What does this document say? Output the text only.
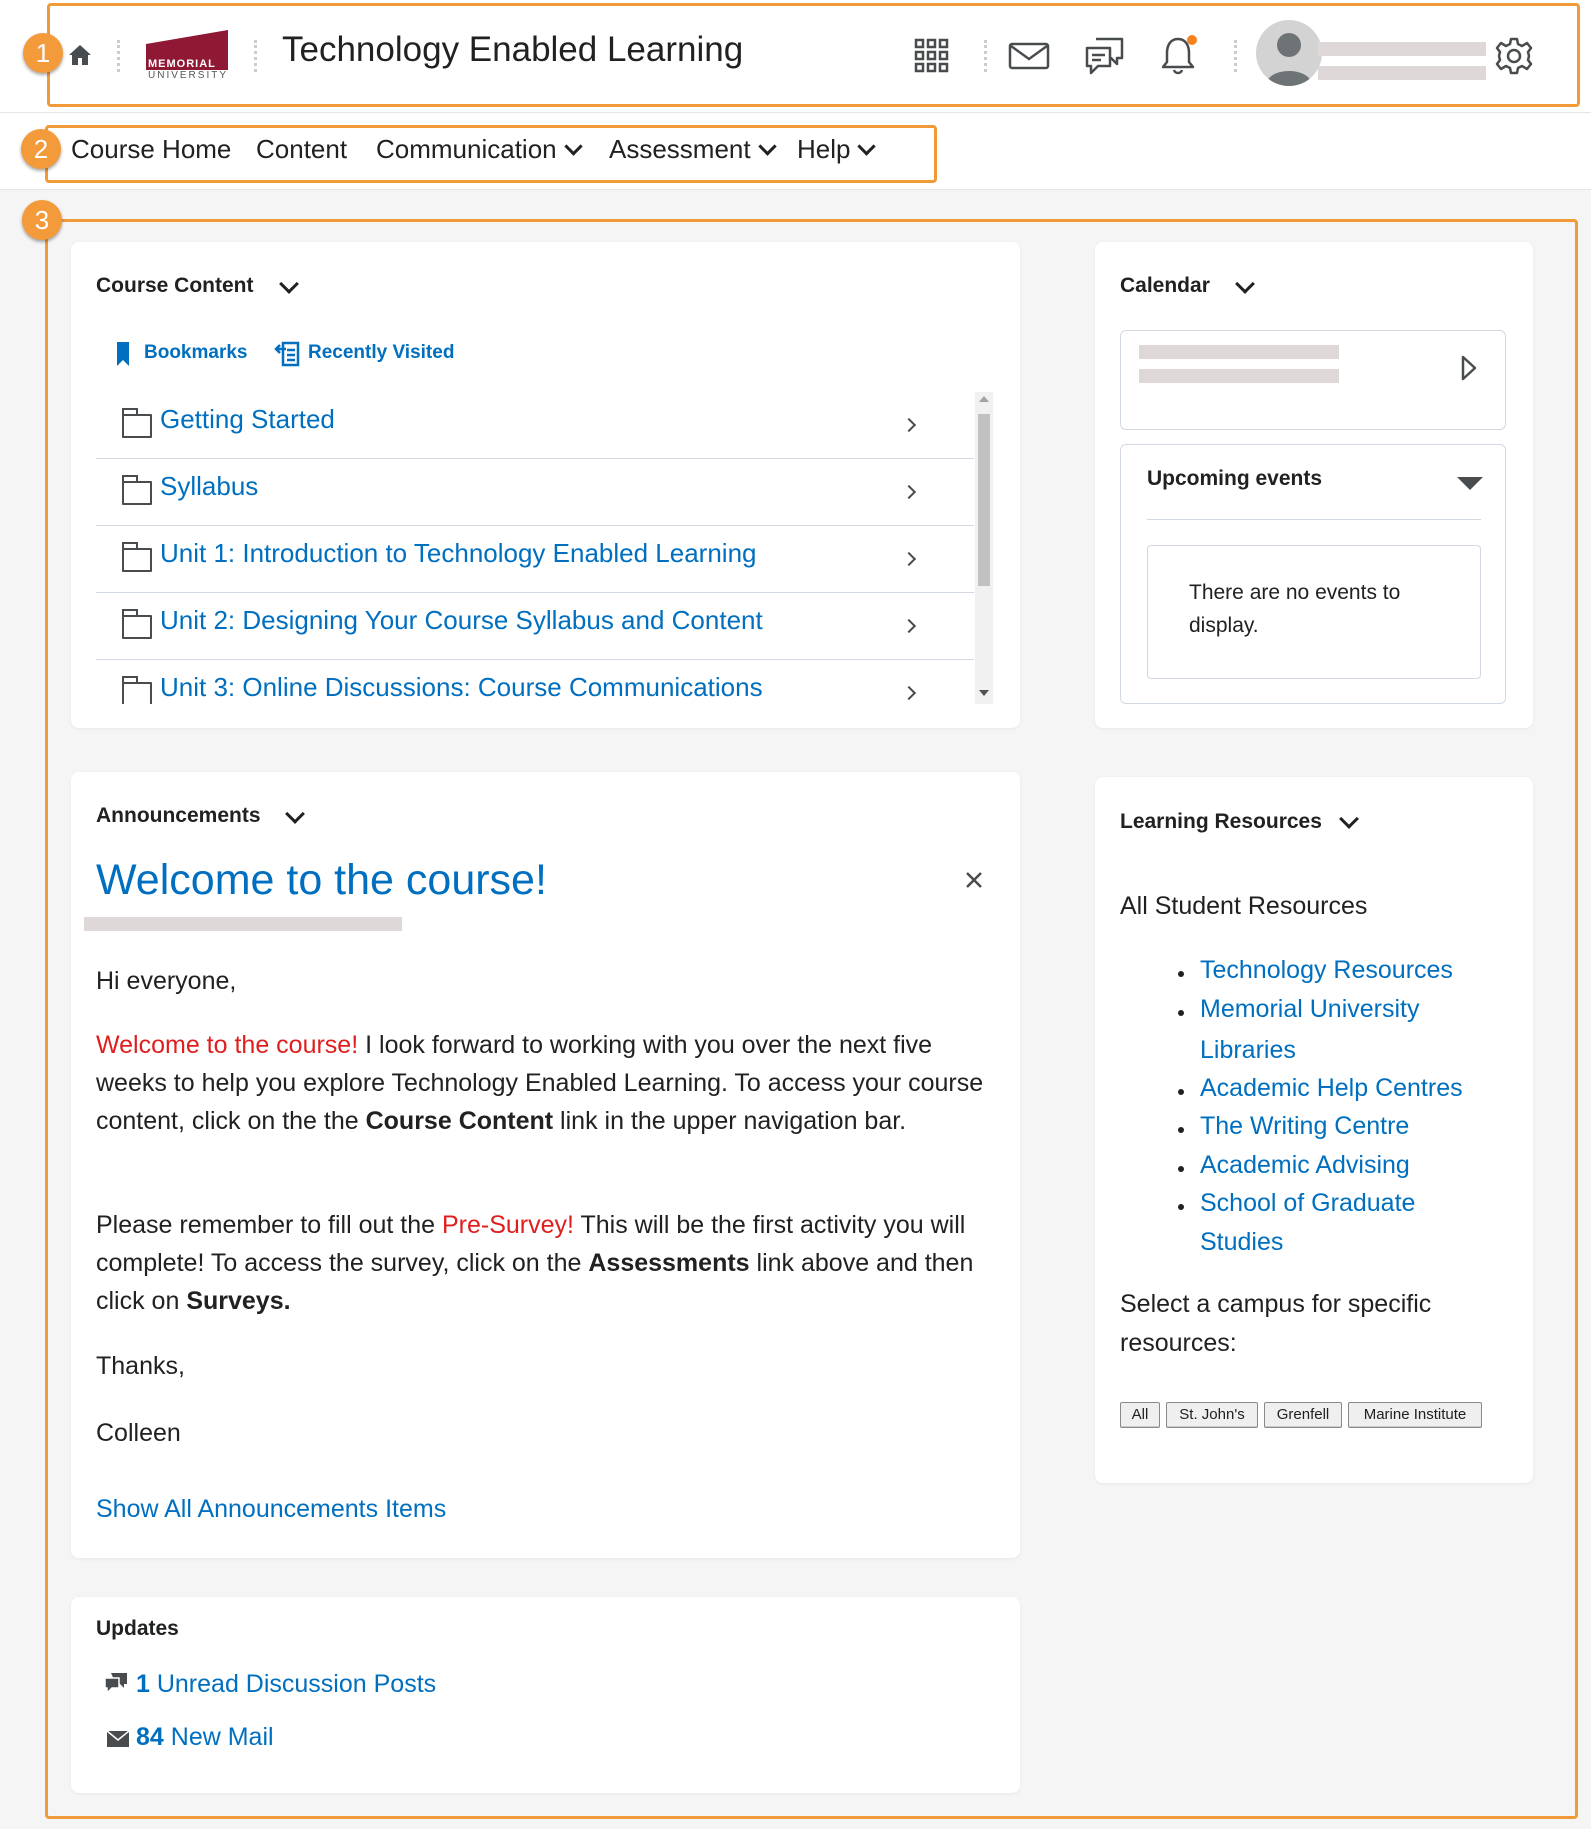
MEMORIAL
UNIVERSITY
Technology Enabled Learning
1
Course Home Content Communication	Assessment	Help
2
3
Course Content
Bookmarks	Recently Visited
Getting Started
Syllabus
Unit 1: Introduction to Technology Enabled Learning
Unit 2: Designing Your Course Syllabus and Content
Unit 3: Online Discussions: Course Communications
Announcements
Welcome to the course!
Hi everyone,
Welcome to the course! I look forward to working with you over the next five weeks to help you explore Technology Enabled Learning. To access your course content, click on the the Course Content link in the upper navigation bar.
Please remember to fill out the Pre-Survey! This will be the first activity you will complete! To access the survey, click on the Assessments link above and then click on Surveys.
Thanks,
Colleen
Show All Announcements Items
Updates
1 Unread Discussion Posts
84 New Mail
Calendar
Upcoming events
There are no events to display.
Learning Resources
All Student Resources
Technology Resources
Memorial University
Libraries
Academic Help Centres
The Writing Centre
Academic Advising
School of Graduate
Studies
Select a campus for specific
resources:
All	St. John's	Grenfell	Marine Institute
